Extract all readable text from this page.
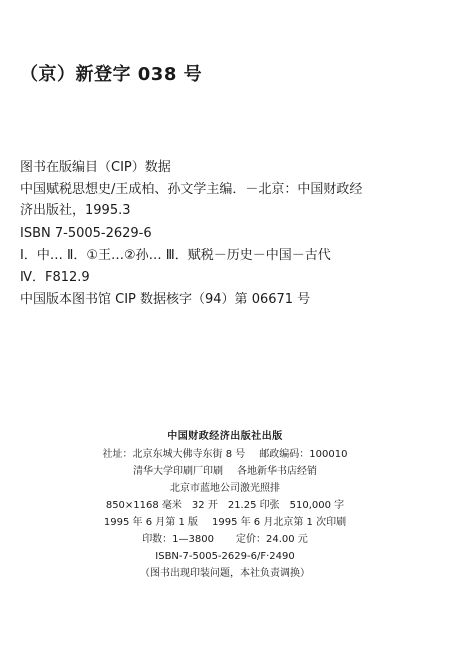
（京）新登字 038 号
图书在版编目（CIP）数据
中国赋税思想史/王成柏、孙文学主编．－北京：中国财政经
济出版社，1995.3
ISBN 7-5005-2629-6
Ⅰ．中… Ⅱ．①王…②孙… Ⅲ．赋税－历史－中国－古代
Ⅳ．F812.9
中国版本图书馆 CIP 数据核字（94）第 06671 号
中国财政经济出版社出版
社址：北京东城大佛寺东街 8 号 邮政编码：100010
清华大学印刷厂印刷 各地新华书店经销
北京市蓝地公司激光照排
850×1168 毫米 32 开 21.25 印张 510,000 字
1995 年 6 月第 1 版 1995 年 6 月北京第 1 次印刷
印数：1—3800 定价：24.00 元
ISBN-7-5005-2629-6/F·2490
（图书出现印装问题，本社负责调换）
